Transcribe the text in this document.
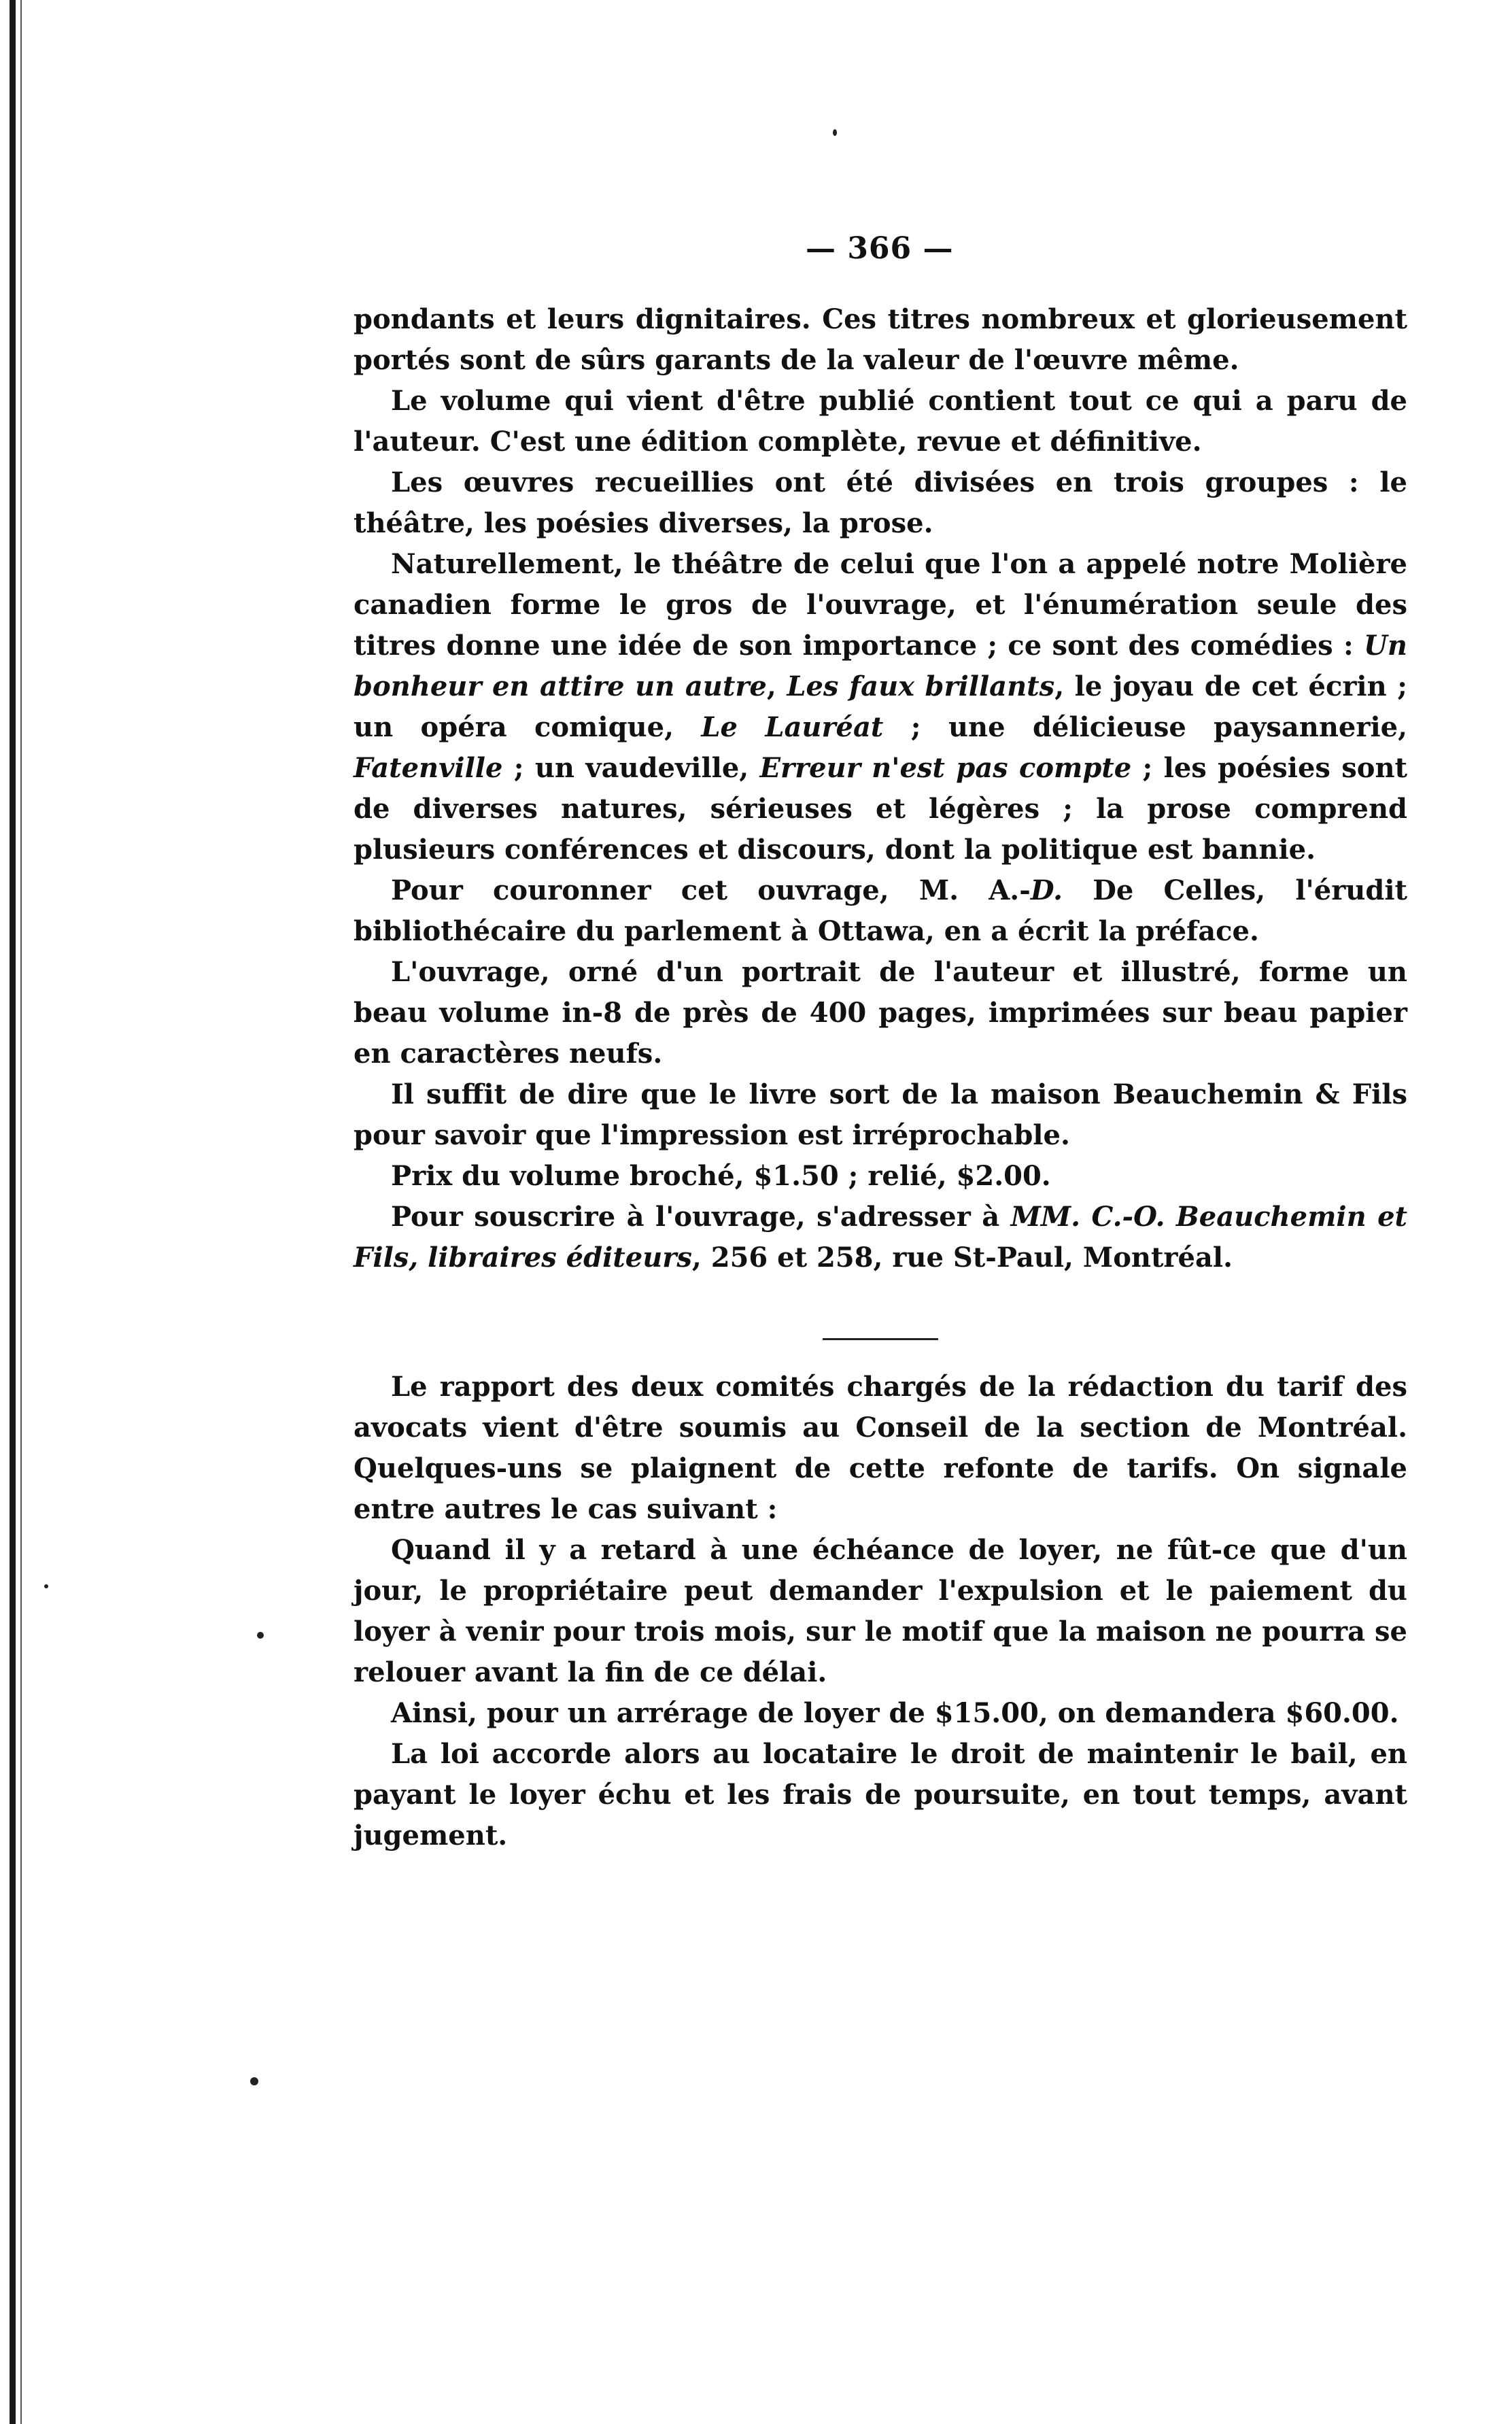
— 366 —

pondants et leurs dignitaires. Ces titres nombreux et glorieusement portés sont de sûrs garants de la valeur de l'œuvre même.

Le volume qui vient d'être publié contient tout ce qui a paru de l'auteur. C'est une édition complète, revue et définitive.

Les œuvres recueillies ont été divisées en trois groupes : le théâtre, les poésies diverses, la prose.

Naturellement, le théâtre de celui que l'on a appelé notre Molière canadien forme le gros de l'ouvrage, et l'énumération seule des titres donne une idée de son importance ; ce sont des comédies : Un bonheur en attire un autre, Les faux brillants, le joyau de cet écrin ; un opéra comique, Le Lauréat ; une délicieuse paysannerie, Fatenville ; un vaudeville, Erreur n'est pas compte ; les poésies sont de diverses natures, sérieuses et légères ; la prose comprend plusieurs conférences et discours, dont la politique est bannie.

Pour couronner cet ouvrage, M. A.-D. De Celles, l'érudit bibliothécaire du parlement à Ottawa, en a écrit la préface.

L'ouvrage, orné d'un portrait de l'auteur et illustré, forme un beau volume in-8 de près de 400 pages, imprimées sur beau papier en caractères neufs.

Il suffit de dire que le livre sort de la maison Beauchemin & Fils pour savoir que l'impression est irréprochable.

Prix du volume broché, $1.50 ; relié, $2.00.

Pour souscrire à l'ouvrage, s'adresser à MM. C.-O. Beauchemin et Fils, libraires éditeurs, 256 et 258, rue St-Paul, Montréal.

Le rapport des deux comités chargés de la rédaction du tarif des avocats vient d'être soumis au Conseil de la section de Montréal. Quelques-uns se plaignent de cette refonte de tarifs. On signale entre autres le cas suivant :

Quand il y a retard à une échéance de loyer, ne fût-ce que d'un jour, le propriétaire peut demander l'expulsion et le paiement du loyer à venir pour trois mois, sur le motif que la maison ne pourra se relouer avant la fin de ce délai.

Ainsi, pour un arrérage de loyer de $15.00, on demandera $60.00.

La loi accorde alors au locataire le droit de maintenir le bail, en payant le loyer échu et les frais de poursuite, en tout temps, avant jugement.
